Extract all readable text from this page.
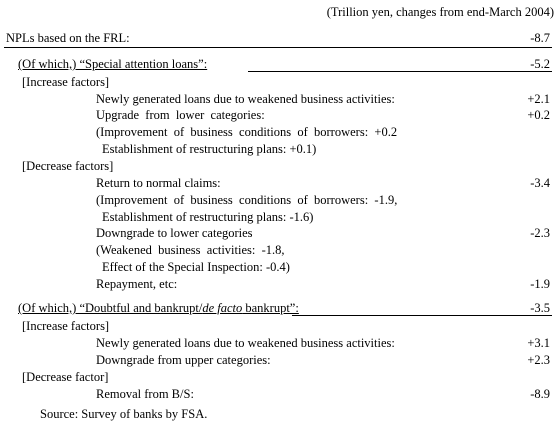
(Trillion yen, changes from end-March 2004)
NPLs based on the FRL:	-8.7
(Of which,) “Special attention loans”:	-5.2
[Increase factors]
Newly generated loans due to weakened business activities:	+2.1
Upgrade  from  lower  categories:	+0.2
(Improvement  of  business  conditions  of  borrowers:  +0.2
Establishment of restructuring plans: +0.1)
[Decrease factors]
Return to normal claims:	-3.4
(Improvement  of  business  conditions  of  borrowers:  -1.9,
Establishment of restructuring plans: -1.6)
Downgrade to lower categories	-2.3
(Weakened  business  activities:  -1.8,
Effect of the Special Inspection: -0.4)
Repayment, etc:	-1.9
(Of which,) “Doubtful and bankrupt/de facto bankrupt”:	-3.5
[Increase factors]
Newly generated loans due to weakened business activities:	+3.1
Downgrade from upper categories:	+2.3
[Decrease factor]
Removal from B/S:	-8.9
Source: Survey of banks by FSA.
